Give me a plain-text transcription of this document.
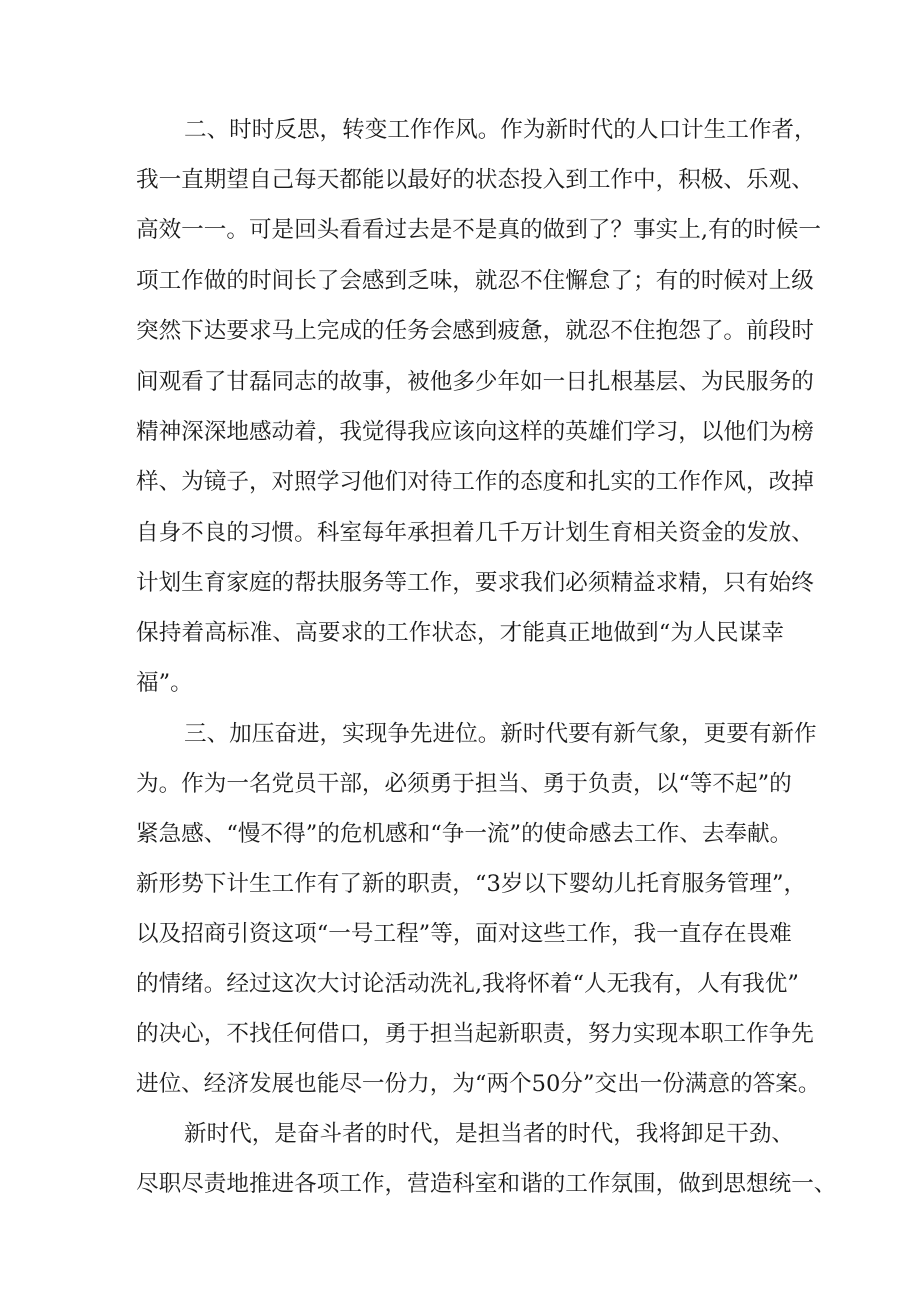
二、时时反思，转变工作作风。作为新时代的人口计生工作者，
我一直期望自己每天都能以最好的状态投入到工作中，积极、乐观、
高效一一。可是回头看看过去是不是真的做到了？事实上,有的时候一
项工作做的时间长了会感到乏味，就忍不住懈怠了；有的时候对上级
突然下达要求马上完成的任务会感到疲惫，就忍不住抱怨了。前段时
间观看了甘磊同志的故事，被他多少年如一日扎根基层、为民服务的
精神深深地感动着，我觉得我应该向这样的英雄们学习，以他们为榜
样、为镜子，对照学习他们对待工作的态度和扎实的工作作风，改掉
自身不良的习惯。科室每年承担着几千万计划生育相关资金的发放、
计划生育家庭的帮扶服务等工作，要求我们必须精益求精，只有始终
保持着高标准、高要求的工作状态，才能真正地做到“为人民谋幸
福”。
三、加压奋进，实现争先进位。新时代要有新气象，更要有新作
为。作为一名党员干部，必须勇于担当、勇于负责，以“等不起”的
紧急感、“慢不得”的危机感和“争一流”的使命感去工作、去奉献。
新形势下计生工作有了新的职责，“3岁以下婴幼儿托育服务管理”，
以及招商引资这项“一号工程”等，面对这些工作，我一直存在畏难
的情绪。经过这次大讨论活动洗礼,我将怀着“人无我有，人有我优”
的决心，不找任何借口，勇于担当起新职责，努力实现本职工作争先
进位、经济发展也能尽一份力，为“两个50分”交出一份满意的答案。
新时代，是奋斗者的时代，是担当者的时代，我将卸足干劲、
尽职尽责地推进各项工作，营造科室和谐的工作氛围，做到思想统一、
